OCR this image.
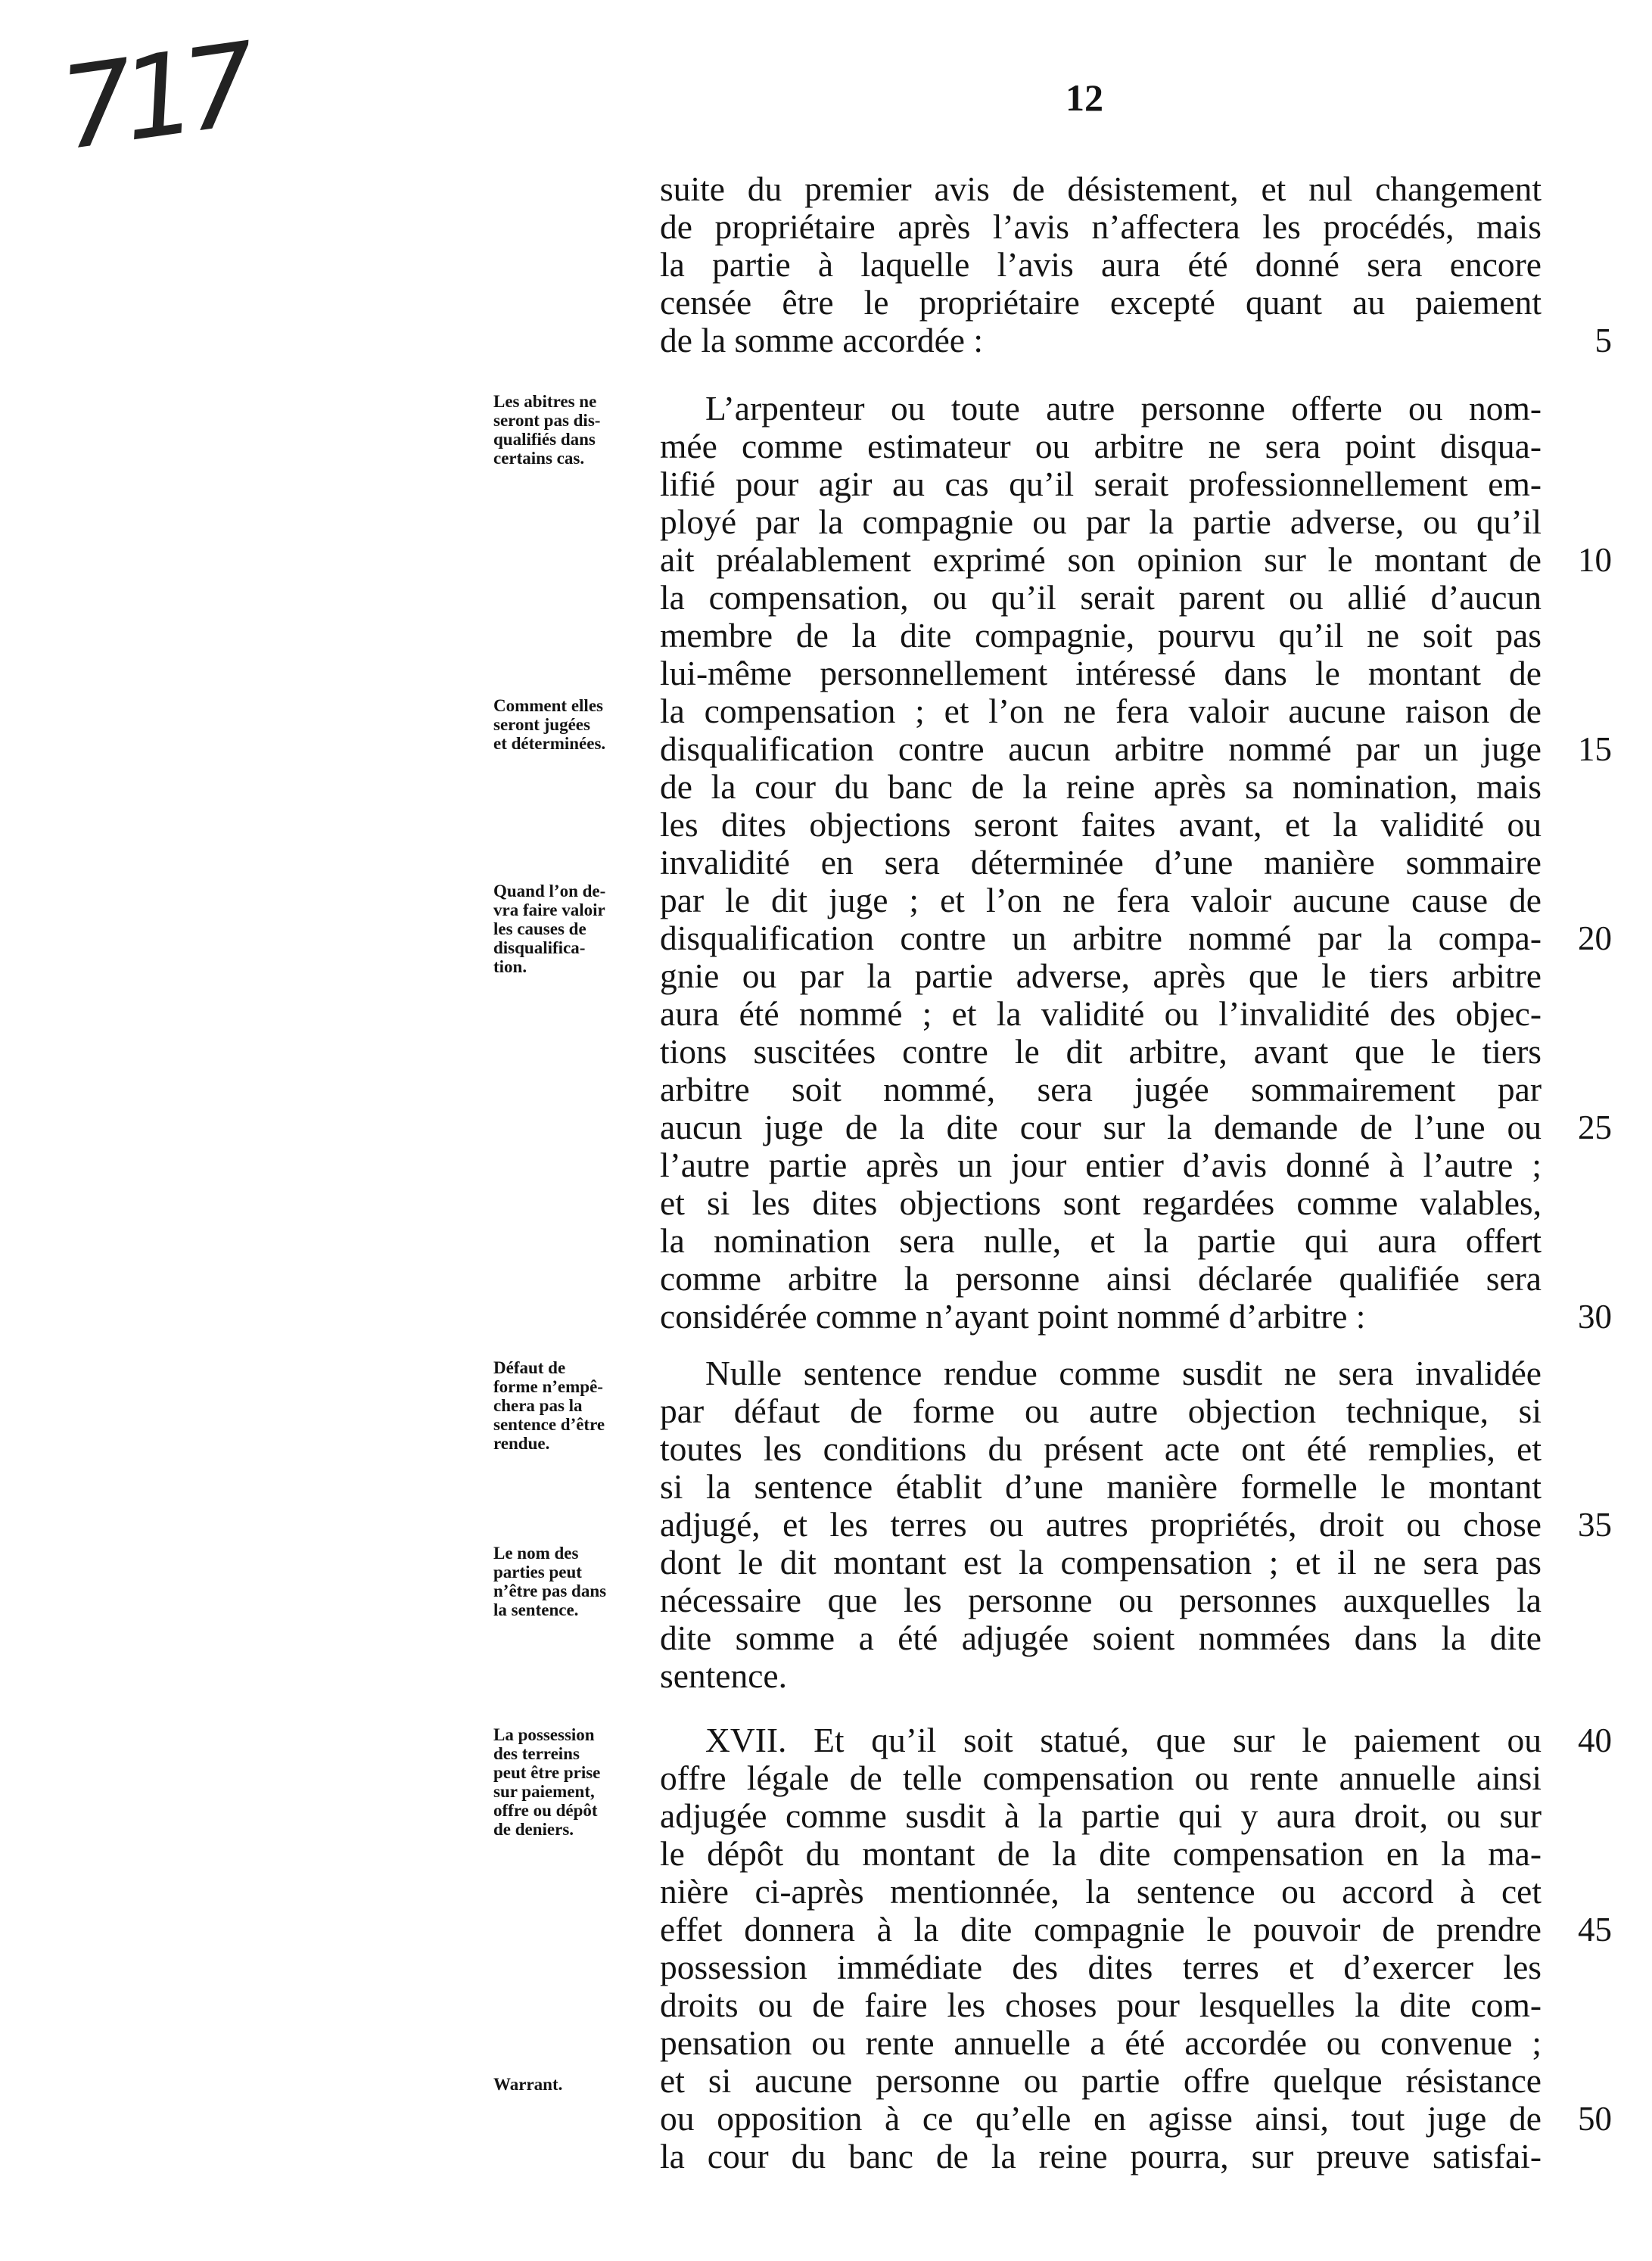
717	12
suite du premier avis de désistement, et nul changement
de propriétaire après l’avis n’affectera les procédés, mais
la partie à laquelle l’avis aura été donné sera encore
censée être le propriétaire excepté quant au paiement
de la somme accordée :
L’arpenteur ou toute autre personne offerte ou nom-
mée comme estimateur ou arbitre ne sera point disqua-
lifié pour agir au cas qu’il serait professionnellement em-
ployé par la compagnie ou par la partie adverse, ou qu’il
ait préalablement exprimé son opinion sur le montant de
la compensation, ou qu’il serait parent ou allié d’aucun
membre de la dite compagnie, pourvu qu’il ne soit pas
lui-même personnellement intéressé dans le montant de
la compensation ; et l’on ne fera valoir aucune raison de
disqualification contre aucun arbitre nommé par un juge
de la cour du banc de la reine après sa nomination, mais
les dites objections seront faites avant, et la validité ou
invalidité en sera déterminée d’une manière sommaire
par le dit juge ; et l’on ne fera valoir aucune cause de
disqualification contre un arbitre nommé par la compa-
gnie ou par la partie adverse, après que le tiers arbitre
aura été nommé ; et la validité ou l’invalidité des objec-
tions suscitées contre le dit arbitre, avant que le tiers
arbitre soit nommé, sera jugée sommairement par
aucun juge de la dite cour sur la demande de l’une ou
l’autre partie après un jour entier d’avis donné à l’autre ;
et si les dites objections sont regardées comme valables,
la nomination sera nulle, et la partie qui aura offert
comme arbitre la personne ainsi déclarée qualifiée sera
considérée comme n’ayant point nommé d’arbitre :
Nulle sentence rendue comme susdit ne sera invalidée
par défaut de forme ou autre objection technique, si
toutes les conditions du présent acte ont été remplies, et
si la sentence établit d’une manière formelle le montant
adjugé, et les terres ou autres propriétés, droit ou chose
dont le dit montant est la compensation ; et il ne sera pas
nécessaire que les personne ou personnes auxquelles la
dite somme a été adjugée soient nommées dans la dite
sentence.
XVII. Et qu’il soit statué, que sur le paiement ou
offre légale de telle compensation ou rente annuelle ainsi
adjugée comme susdit à la partie qui y aura droit, ou sur
le dépôt du montant de la dite compensation en la ma-
nière ci-après mentionnée, la sentence ou accord à cet
effet donnera à la dite compagnie le pouvoir de prendre
possession immédiate des dites terres et d’exercer les
droits ou de faire les choses pour lesquelles la dite com-
pensation ou rente annuelle a été accordée ou convenue ;
et si aucune personne ou partie offre quelque résistance
ou opposition à ce qu’elle en agisse ainsi, tout juge de
la cour du banc de la reine pourra, sur preuve satisfai-
5
10
15
20
25
30
35
40
45
50
Les abitres ne
seront pas dis-
qualifiés dans
certains cas.
Comment elles
seront jugées
et déterminées.
Quand l’on de-
vra faire valoir
les causes de
disqualifica-
tion.
Défaut de
forme n’empê-
chera pas la
sentence d’être
rendue.
Le nom des
parties peut
n’être pas dans
la sentence.
La possession
des terreins
peut être prise
sur paiement,
offre ou dépôt
de deniers.
Warrant.
